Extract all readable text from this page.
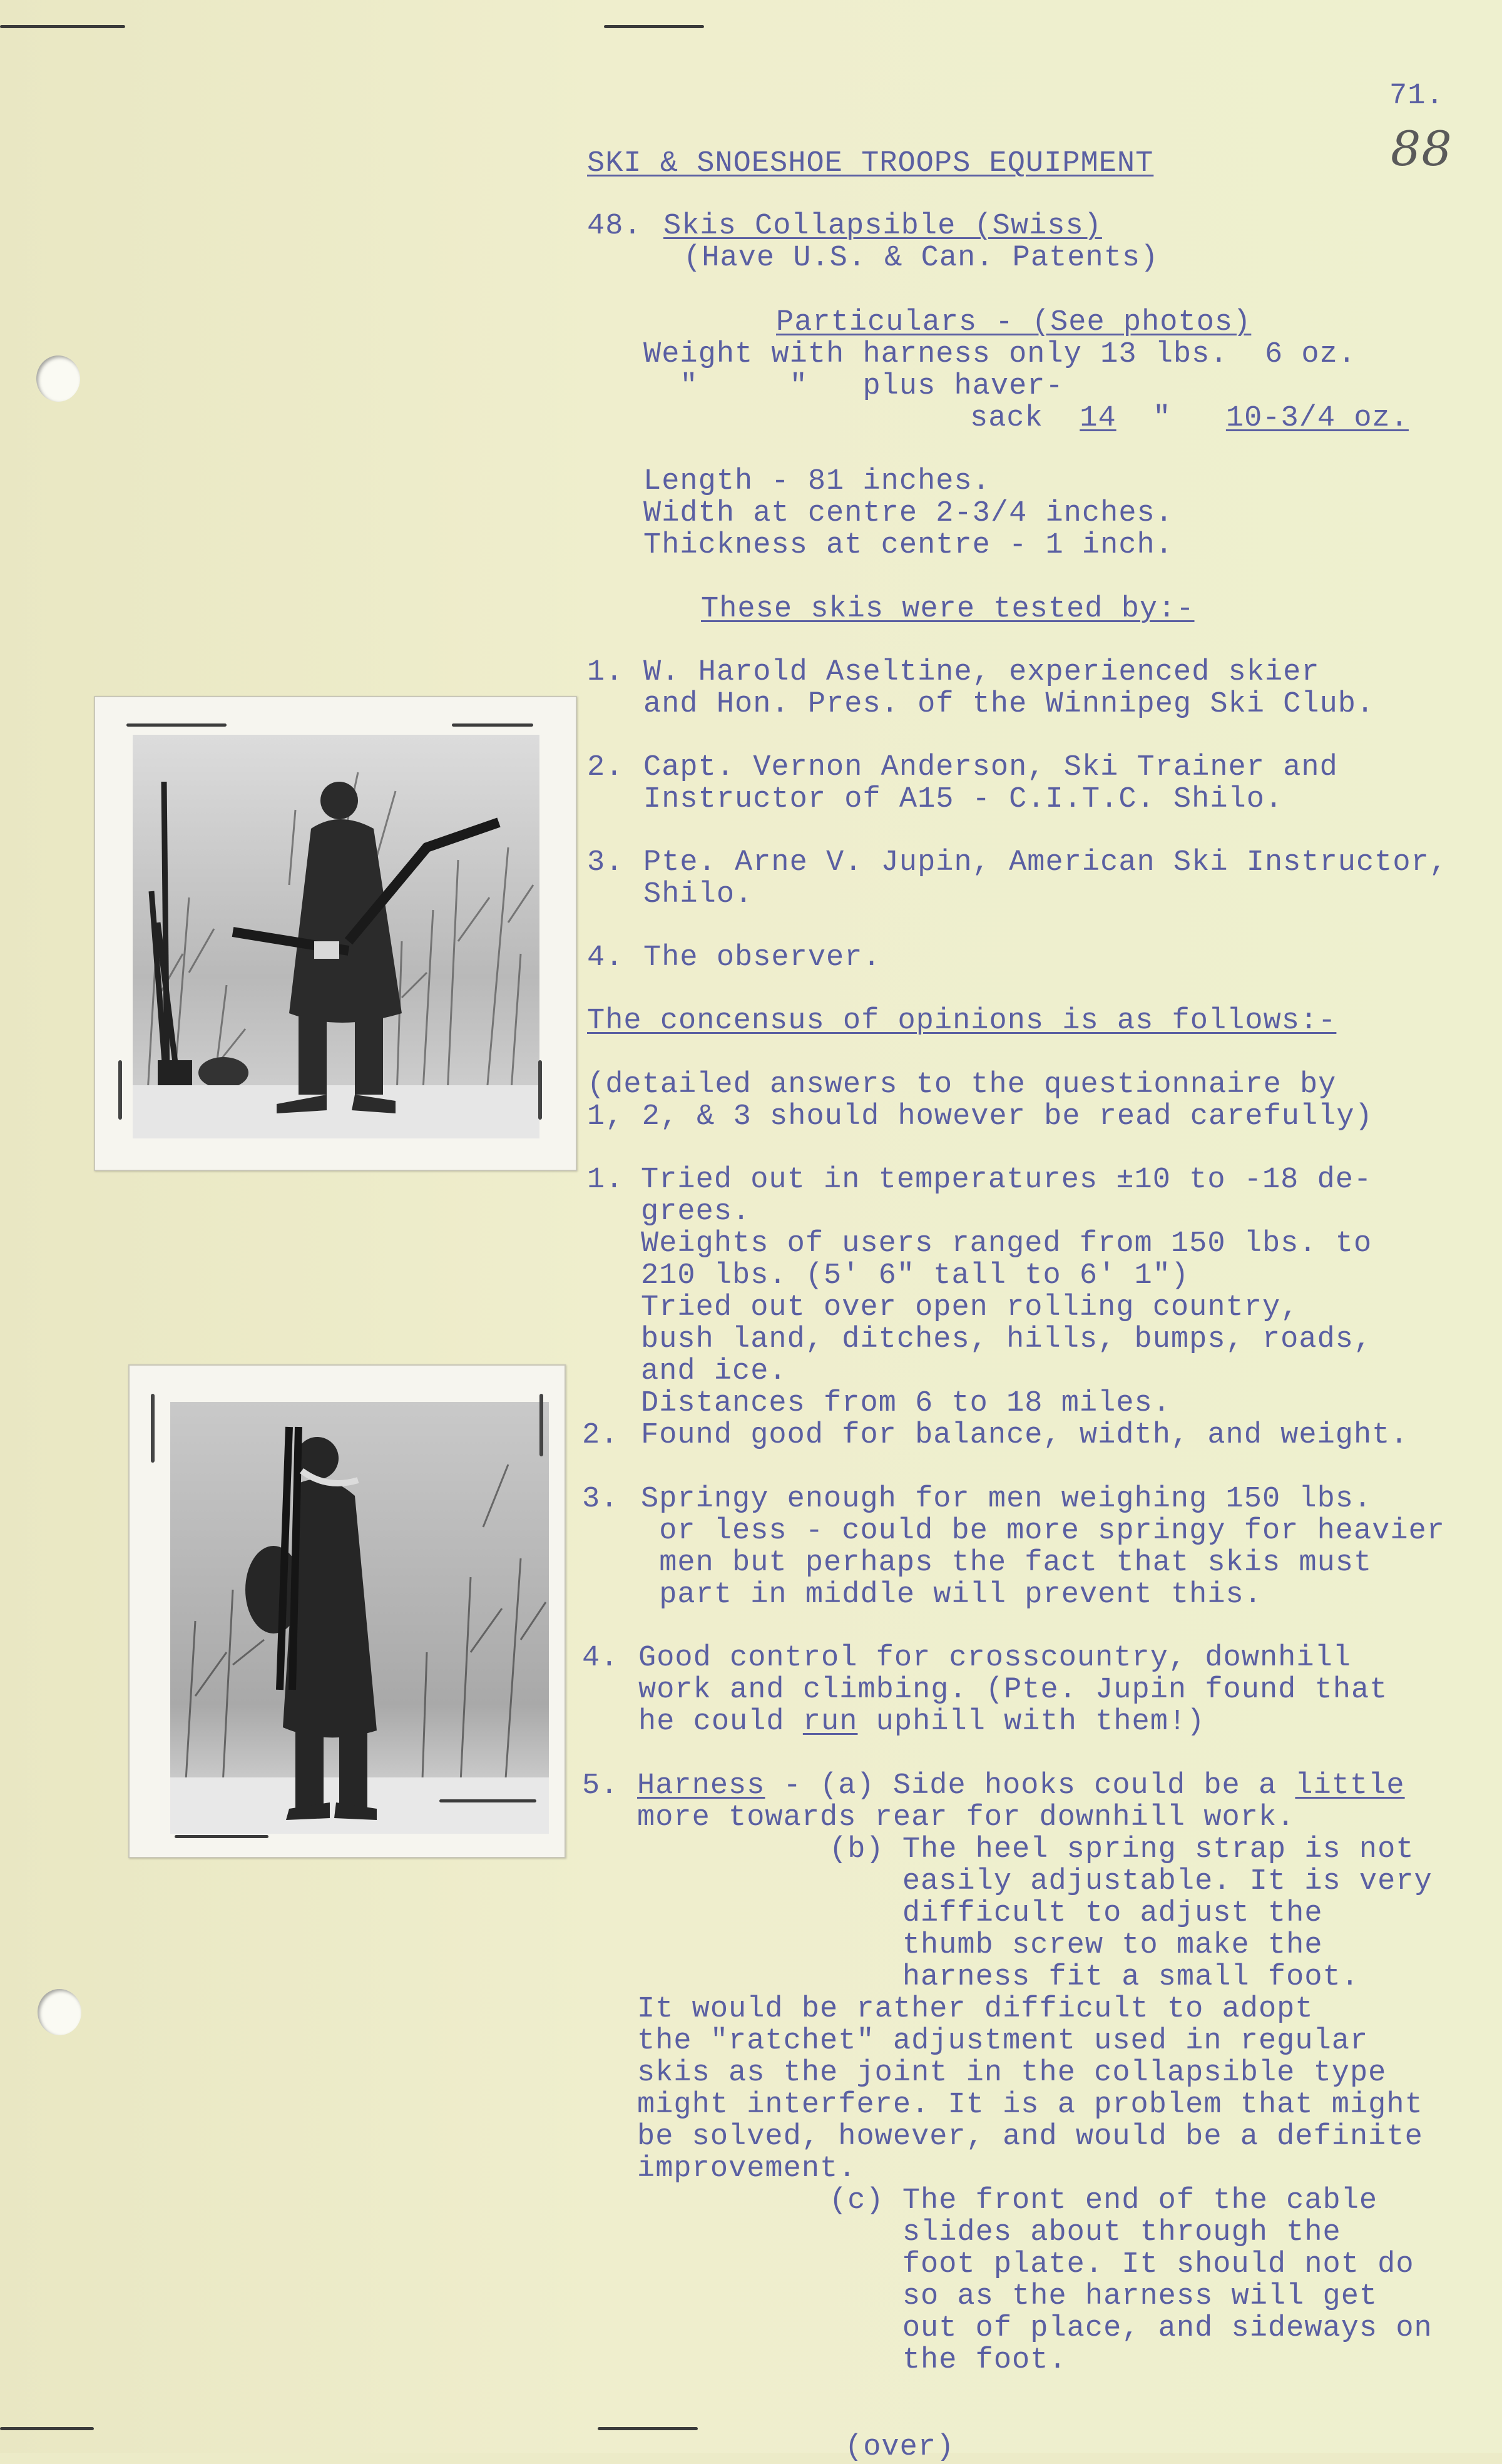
71.
88
SKI & SNOESHOE TROOPS EQUIPMENT
48. Skis Collapsible (Swiss)
(Have U.S. & Can. Patents)
Particulars - (See photos)
Weight with harness only 13 lbs.  6 oz.
"     "   plus haver-
sack  14  "   10-3/4 oz.
Length - 81 inches.
Width at centre 2-3/4 inches.
Thickness at centre - 1 inch.
These skis were tested by:-
1. W. Harold Aseltine, experienced skier
and Hon. Pres. of the Winnipeg Ski Club.
2. Capt. Vernon Anderson, Ski Trainer and
Instructor of A15 - C.I.T.C. Shilo.
3. Pte. Arne V. Jupin, American Ski Instructor,
Shilo.
4. The observer.
The concensus of opinions is as follows:-
(detailed answers to the questionnaire by
1, 2, & 3 should however be read carefully)
1. Tried out in temperatures ±10 to -18 de-
grees.
Weights of users ranged from 150 lbs. to
210 lbs. (5' 6" tall to 6' 1")
Tried out over open rolling country,
bush land, ditches, hills, bumps, roads,
and ice.
Distances from 6 to 18 miles.
2. Found good for balance, width, and weight.
3. Springy enough for men weighing 150 lbs.
or less - could be more springy for heavier
men but perhaps the fact that skis must
part in middle will prevent this.
4. Good control for crosscountry, downhill
work and climbing. (Pte. Jupin found that
he could run uphill with them!)
5. Harness - (a) Side hooks could be a little
more towards rear for downhill work.
(b) The heel spring strap is not
easily adjustable. It is very
difficult to adjust the
thumb screw to make the
harness fit a small foot.
It would be rather difficult to adopt
the "ratchet" adjustment used in regular
skis as the joint in the collapsible type
might interfere. It is a problem that might
be solved, however, and would be a definite
improvement.
(c) The front end of the cable
slides about through the
foot plate. It should not do
so as the harness will get
out of place, and sideways on
the foot.
(over)
